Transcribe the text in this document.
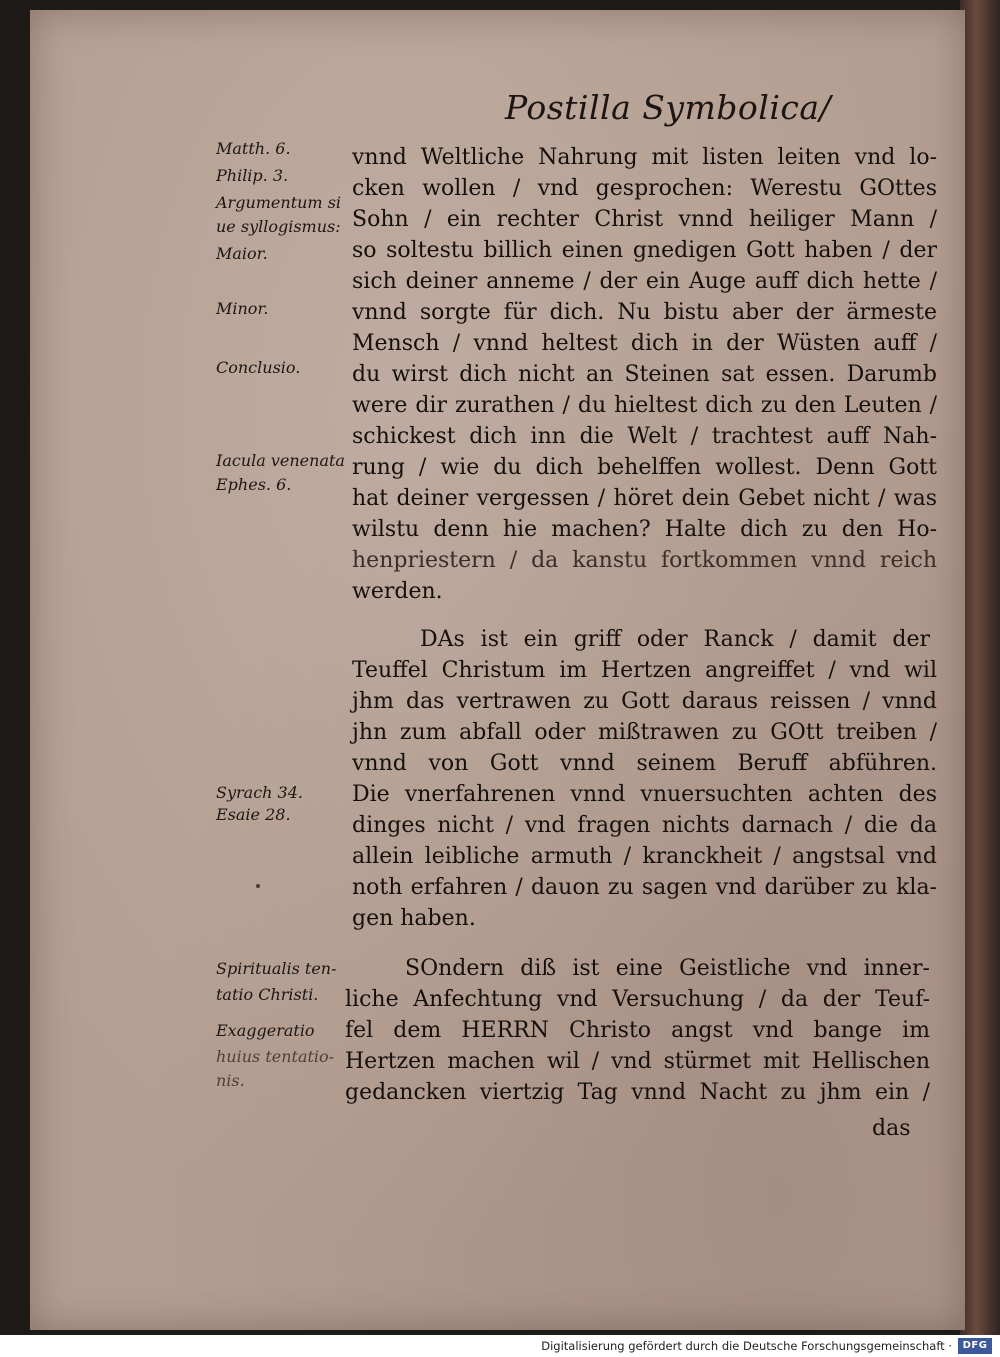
Postilla Symbolica/
Matth. 6.
Philip. 3.
Argumentum si
ue syllogismus:
Maior.
Minor.
Conclusio.
Iacula venenata
Ephes. 6.
Syrach 34.
Esaie 28.
Spiritualis ten-
tatio Christi.
Exaggeratio
huius tentatio-
nis.
vnnd Weltliche Nahrung mit listen leiten vnd lo-
cken wollen / vnd gesprochen: Werestu GOttes
Sohn / ein rechter Christ vnnd heiliger Mann /
so soltestu billich einen gnedigen Gott haben / der
sich deiner anneme / der ein Auge auff dich hette /
vnnd sorgte für dich. Nu bistu aber der ärmeste
Mensch / vnnd heltest dich in der Wüsten auff /
du wirst dich nicht an Steinen sat essen. Darumb
were dir zurathen / du hieltest dich zu den Leuten /
schickest dich inn die Welt / trachtest auff Nah-
rung / wie du dich behelffen wollest. Denn Gott
hat deiner vergessen / höret dein Gebet nicht / was
wilstu denn hie machen? Halte dich zu den Ho-
henpriestern / da kanstu fortkommen vnnd reich
werden.
DAs ist ein griff oder Ranck / damit der
Teuffel Christum im Hertzen angreiffet / vnd wil
jhm das vertrawen zu Gott daraus reissen / vnnd
jhn zum abfall oder mißtrawen zu GOtt treiben /
vnnd von Gott vnnd seinem Beruff abführen.
Die vnerfahrenen vnnd vnuersuchten achten des
dinges nicht / vnd fragen nichts darnach / die da
allein leibliche armuth / kranckheit / angstsal vnd
noth erfahren / dauon zu sagen vnd darüber zu kla-
gen haben.
SOndern diß ist eine Geistliche vnd inner-
liche Anfechtung vnd Versuchung / da der Teuf-
fel dem HERRN Christo angst vnd bange im
Hertzen machen wil / vnd stürmet mit Hellischen
gedancken viertzig Tag vnnd Nacht zu jhm ein /
das
Digitalisierung gefördert durch die Deutsche Forschungsgemeinschaft ·	DFG
